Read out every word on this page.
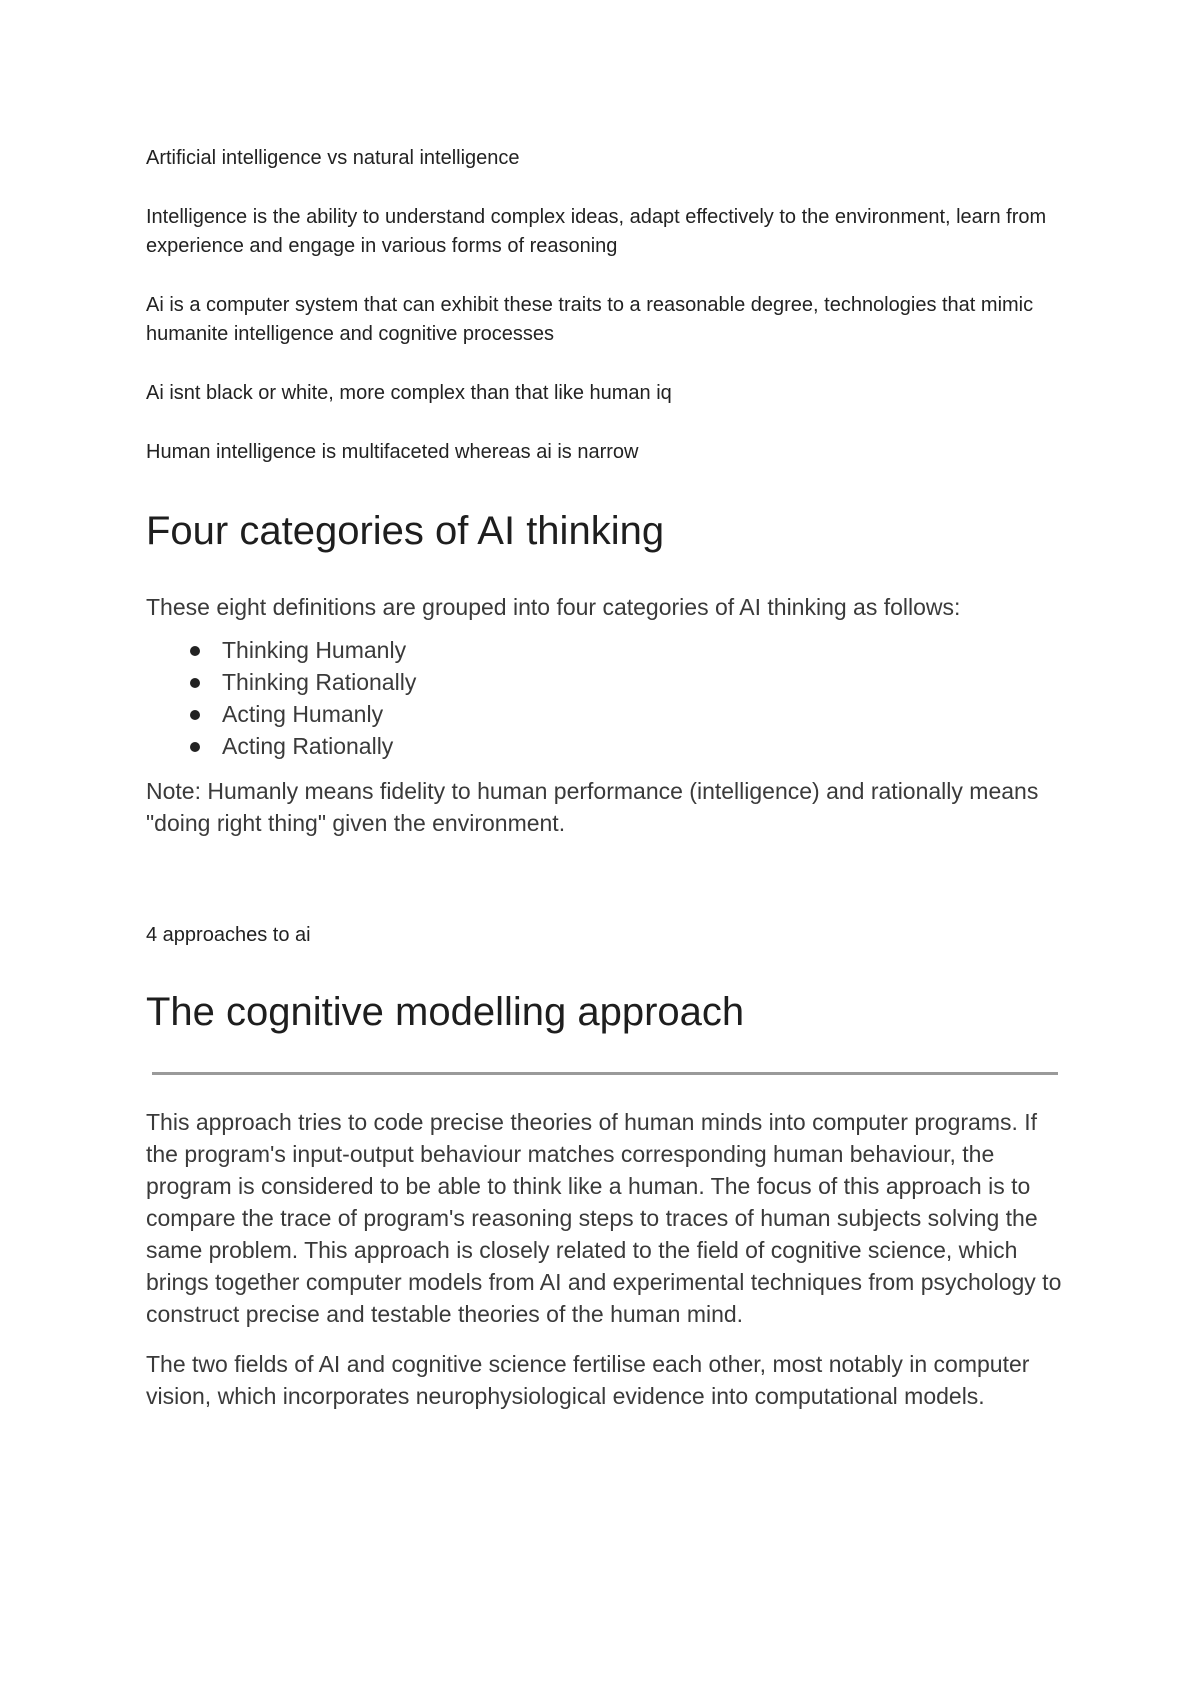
Artificial intelligence vs natural intelligence

Intelligence is the ability to understand complex ideas, adapt effectively to the environment, learn from experience and engage in various forms of reasoning

Ai is a computer system that can exhibit these traits to a reasonable degree, technologies that mimic humanite intelligence and cognitive processes

Ai isnt black or white, more complex than that like human iq

Human intelligence is multifaceted whereas ai is narrow

Four categories of AI thinking

These eight definitions are grouped into four categories of AI thinking as follows:

Thinking Humanly
Thinking Rationally
Acting Humanly
Acting Rationally

Note: Humanly means fidelity to human performance (intelligence) and rationally means "doing right thing" given the environment.

4 approaches to ai

The cognitive modelling approach

This approach tries to code precise theories of human minds into computer programs. If the program's input-output behaviour matches corresponding human behaviour, the program is considered to be able to think like a human. The focus of this approach is to compare the trace of program's reasoning steps to traces of human subjects solving the same problem. This approach is closely related to the field of cognitive science, which brings together computer models from AI and experimental techniques from psychology to construct precise and testable theories of the human mind.

The two fields of AI and cognitive science fertilise each other, most notably in computer vision, which incorporates neurophysiological evidence into computational models.
